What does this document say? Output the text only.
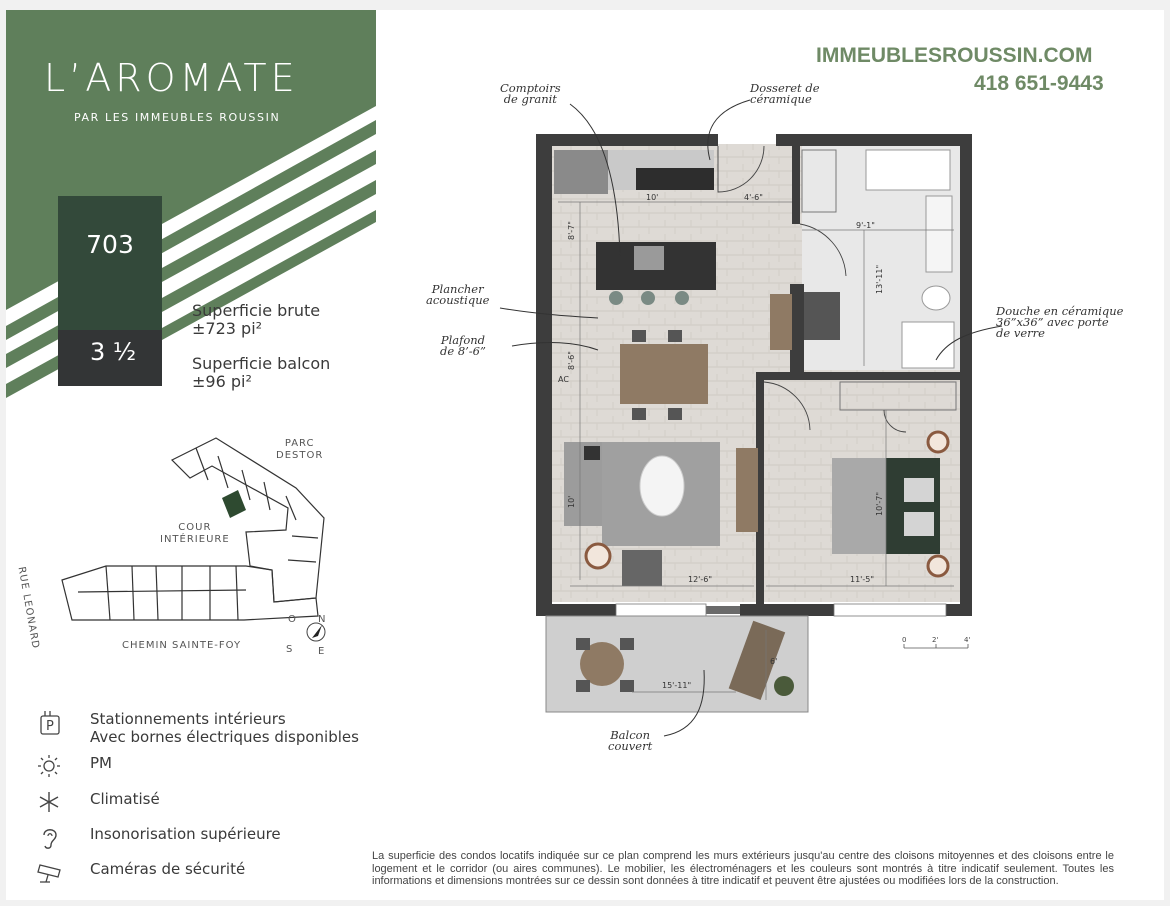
L’AROMATE
PAR LES IMMEUBLES ROUSSIN
703
3 ½
Superficie brute
±723 pi²
Superficie balcon
±96 pi²
IMMEUBLESROUSSIN.COM
418 651-9443
PARC
DESTOR
COUR
INTÉRIEURE
RUE LEONARD	CHEMIN SAINTE-FOY
O N
S E
P Stationnements intérieurs
Avec bornes électriques disponibles
PM
Climatisé
Insonorisation supérieure
Caméras de sécurité
10'	4'-6"
9'-1"
8'-7"
8'-6"
10'
13'-11"
10'-7"
12'-6"	11'-5"
AC
15'-11"
6'
0	2'	4'
Comptoirs
de granit
Dosseret de
céramique
Plancher
acoustique
Plafond
de 8’-6”
Douche en céramique
36”x36” avec porte
de verre
Balcon
couvert
La superficie des condos locatifs indiquée sur ce plan comprend les murs extérieurs jusqu'au centre des cloisons mitoyennes et des cloisons entre le logement et le corridor (ou aires communes). Le mobilier, les électroménagers et les couleurs sont montrés à titre indicatif seulement. Toutes les informations et dimensions montrées sur ce dessin sont données à titre indicatif et peuvent être ajustées ou modifiées lors de la construction.
